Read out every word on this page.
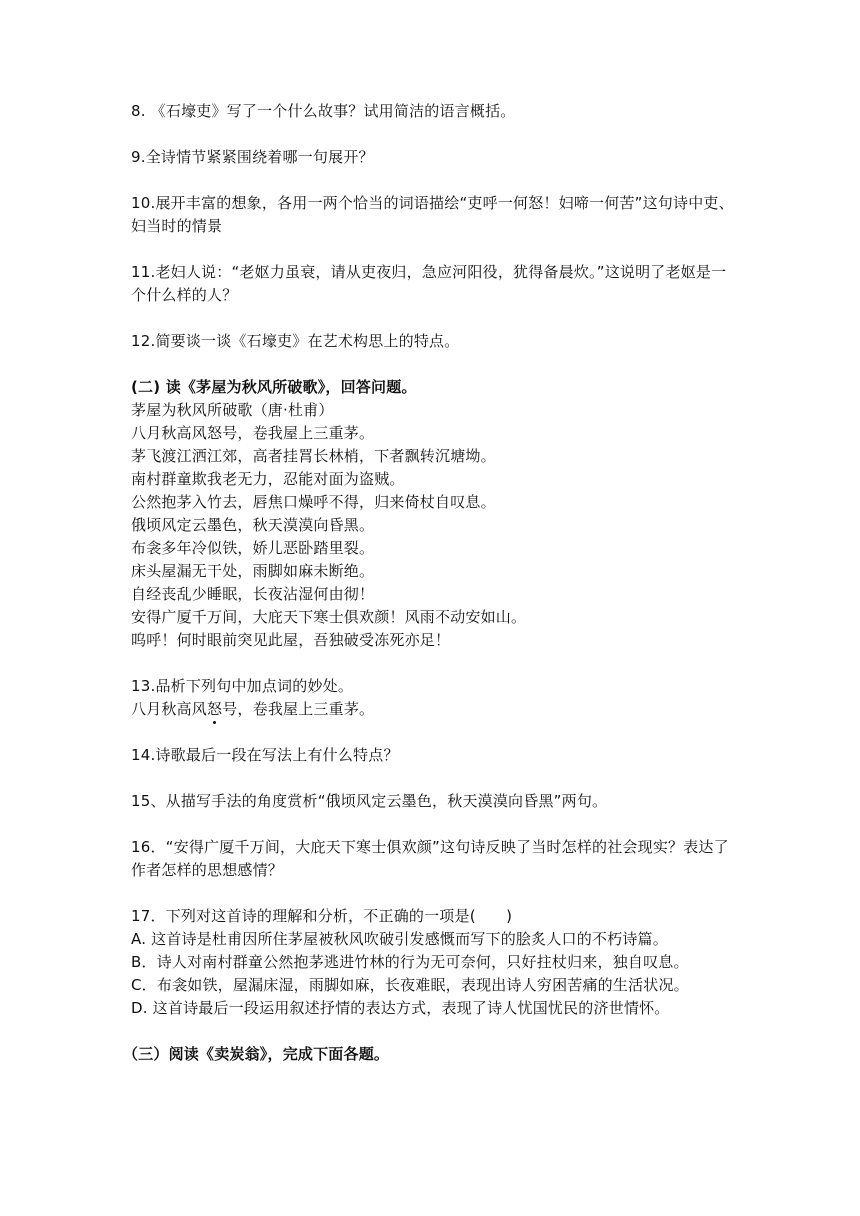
8. 《石壕吏》写了一个什么故事？试用简洁的语言概括。

9.全诗情节紧紧围绕着哪一句展开？

10.展开丰富的想象，各用一两个恰当的词语描绘“吏呼一何怒！妇啼一何苦”这句诗中吏、妇当时的情景

11.老妇人说：“老妪力虽衰，请从吏夜归，急应河阳役，犹得备晨炊。”这说明了老妪是一个什么样的人？

12.简要谈一谈《石壕吏》在艺术构思上的特点。

(二) 读《茅屋为秋风所破歌》，回答问题。

茅屋为秋风所破歌（唐·杜甫）

八月秋高风怒号，卷我屋上三重茅。

茅飞渡江洒江郊，高者挂罥长林梢，下者飘转沉塘坳。

南村群童欺我老无力，忍能对面为盗贼。

公然抱茅入竹去，唇焦口燥呼不得，归来倚杖自叹息。

俄顷风定云墨色，秋天漠漠向昏黑。

布衾多年冷似铁，娇儿恶卧踏里裂。

床头屋漏无干处，雨脚如麻未断绝。

自经丧乱少睡眠，长夜沾湿何由彻！

安得广厦千万间，大庇天下寒士俱欢颜！风雨不动安如山。

呜呼！何时眼前突见此屋，吾独破受冻死亦足！

13.品析下列句中加点词的妙处。

八月秋高风怒号，卷我屋上三重茅。

14.诗歌最后一段在写法上有什么特点？

15、从描写手法的角度赏析“俄顷风定云墨色，秋天漠漠向昏黑”两句。

16．“安得广厦千万间，大庇天下寒士俱欢颜”这句诗反映了当时怎样的社会现实？表达了作者怎样的思想感情？

17．下列对这首诗的理解和分析，不正确的一项是(　　)

A. 这首诗是杜甫因所住茅屋被秋风吹破引发感慨而写下的脍炙人口的不朽诗篇。

B．诗人对南村群童公然抱茅逃进竹林的行为无可奈何，只好拄杖归来，独自叹息。

C．布衾如铁，屋漏床湿，雨脚如麻，长夜难眠，表现出诗人穷困苦痛的生活状况。

D. 这首诗最后一段运用叙述抒情的表达方式，表现了诗人忧国忧民的济世情怀。

（三）阅读《卖炭翁》，完成下面各题。
